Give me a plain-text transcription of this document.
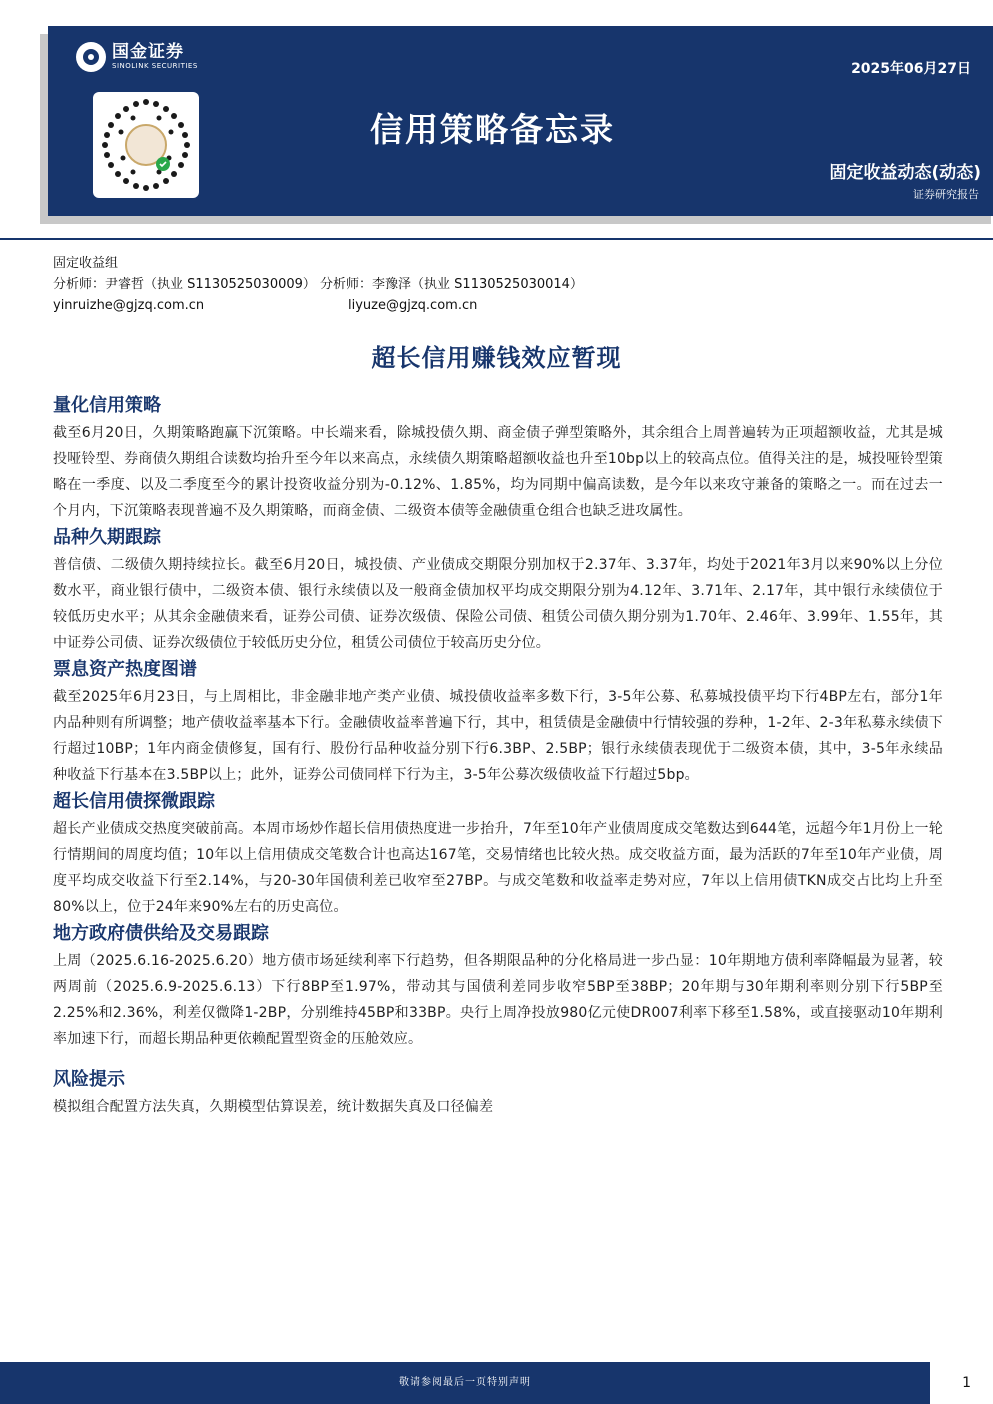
国金证券
SINOLINK SECURITIES	2025年06月27日
信用策略备忘录
固定收益动态(动态)
证券研究报告
固定收益组
分析师：尹睿哲（执业 S1130525030009） 分析师：李豫泽（执业 S1130525030014）
yinruizhe@gjzq.com.cn	liyuze@gjzq.com.cn
超长信用赚钱效应暂现
量化信用策略

截至6月20日，久期策略跑赢下沉策略。中长端来看，除城投债久期、商金债子弹型策略外，其余组合上周普遍转为正项超额收益，尤其是城投哑铃型、券商债久期组合读数均抬升至今年以来高点，永续债久期策略超额收益也升至10bp以上的较高点位。值得关注的是，城投哑铃型策略在一季度、以及二季度至今的累计投资收益分别为-0.12%、1.85%，均为同期中偏高读数，是今年以来攻守兼备的策略之一。而在过去一个月内，下沉策略表现普遍不及久期策略，而商金债、二级资本债等金融债重仓组合也缺乏进攻属性。

品种久期跟踪

普信债、二级债久期持续拉长。截至6月20日，城投债、产业债成交期限分别加权于2.37年、3.37年，均处于2021年3月以来90%以上分位数水平，商业银行债中，二级资本债、银行永续债以及一般商金债加权平均成交期限分别为4.12年、3.71年、2.17年，其中银行永续债位于较低历史水平；从其余金融债来看，证券公司债、证券次级债、保险公司债、租赁公司债久期分别为1.70年、2.46年、3.99年、1.55年，其中证券公司债、证券次级债位于较低历史分位，租赁公司债位于较高历史分位。

票息资产热度图谱

截至2025年6月23日，与上周相比，非金融非地产类产业债、城投债收益率多数下行，3-5年公募、私募城投债平均下行4BP左右，部分1年内品种则有所调整；地产债收益率基本下行。金融债收益率普遍下行，其中，租赁债是金融债中行情较强的券种，1-2年、2-3年私募永续债下行超过10BP；1年内商金债修复，国有行、股份行品种收益分别下行6.3BP、2.5BP；银行永续债表现优于二级资本债，其中，3-5年永续品种收益下行基本在3.5BP以上；此外，证券公司债同样下行为主，3-5年公募次级债收益下行超过5bp。

超长信用债探微跟踪

超长产业债成交热度突破前高。本周市场炒作超长信用债热度进一步抬升，7年至10年产业债周度成交笔数达到644笔，远超今年1月份上一轮行情期间的周度均值；10年以上信用债成交笔数合计也高达167笔，交易情绪也比较火热。成交收益方面，最为活跃的7年至10年产业债，周度平均成交收益下行至2.14%，与20-30年国债利差已收窄至27BP。与成交笔数和收益率走势对应，7年以上信用债TKN成交占比均上升至80%以上，位于24年来90%左右的历史高位。

地方政府债供给及交易跟踪

上周（2025.6.16-2025.6.20）地方债市场延续利率下行趋势，但各期限品种的分化格局进一步凸显：10年期地方债利率降幅最为显著，较两周前（2025.6.9-2025.6.13）下行8BP至1.97%，带动其与国债利差同步收窄5BP至38BP；20年期与30年期利率则分别下行5BP至2.25%和2.36%，利差仅微降1-2BP，分别维持45BP和33BP。央行上周净投放980亿元使DR007利率下移至1.58%，或直接驱动10年期利率加速下行，而超长期品种更依赖配置型资金的压舱效应。

风险提示

模拟组合配置方法失真，久期模型估算误差，统计数据失真及口径偏差

敬请参阅最后一页特别声明	1
